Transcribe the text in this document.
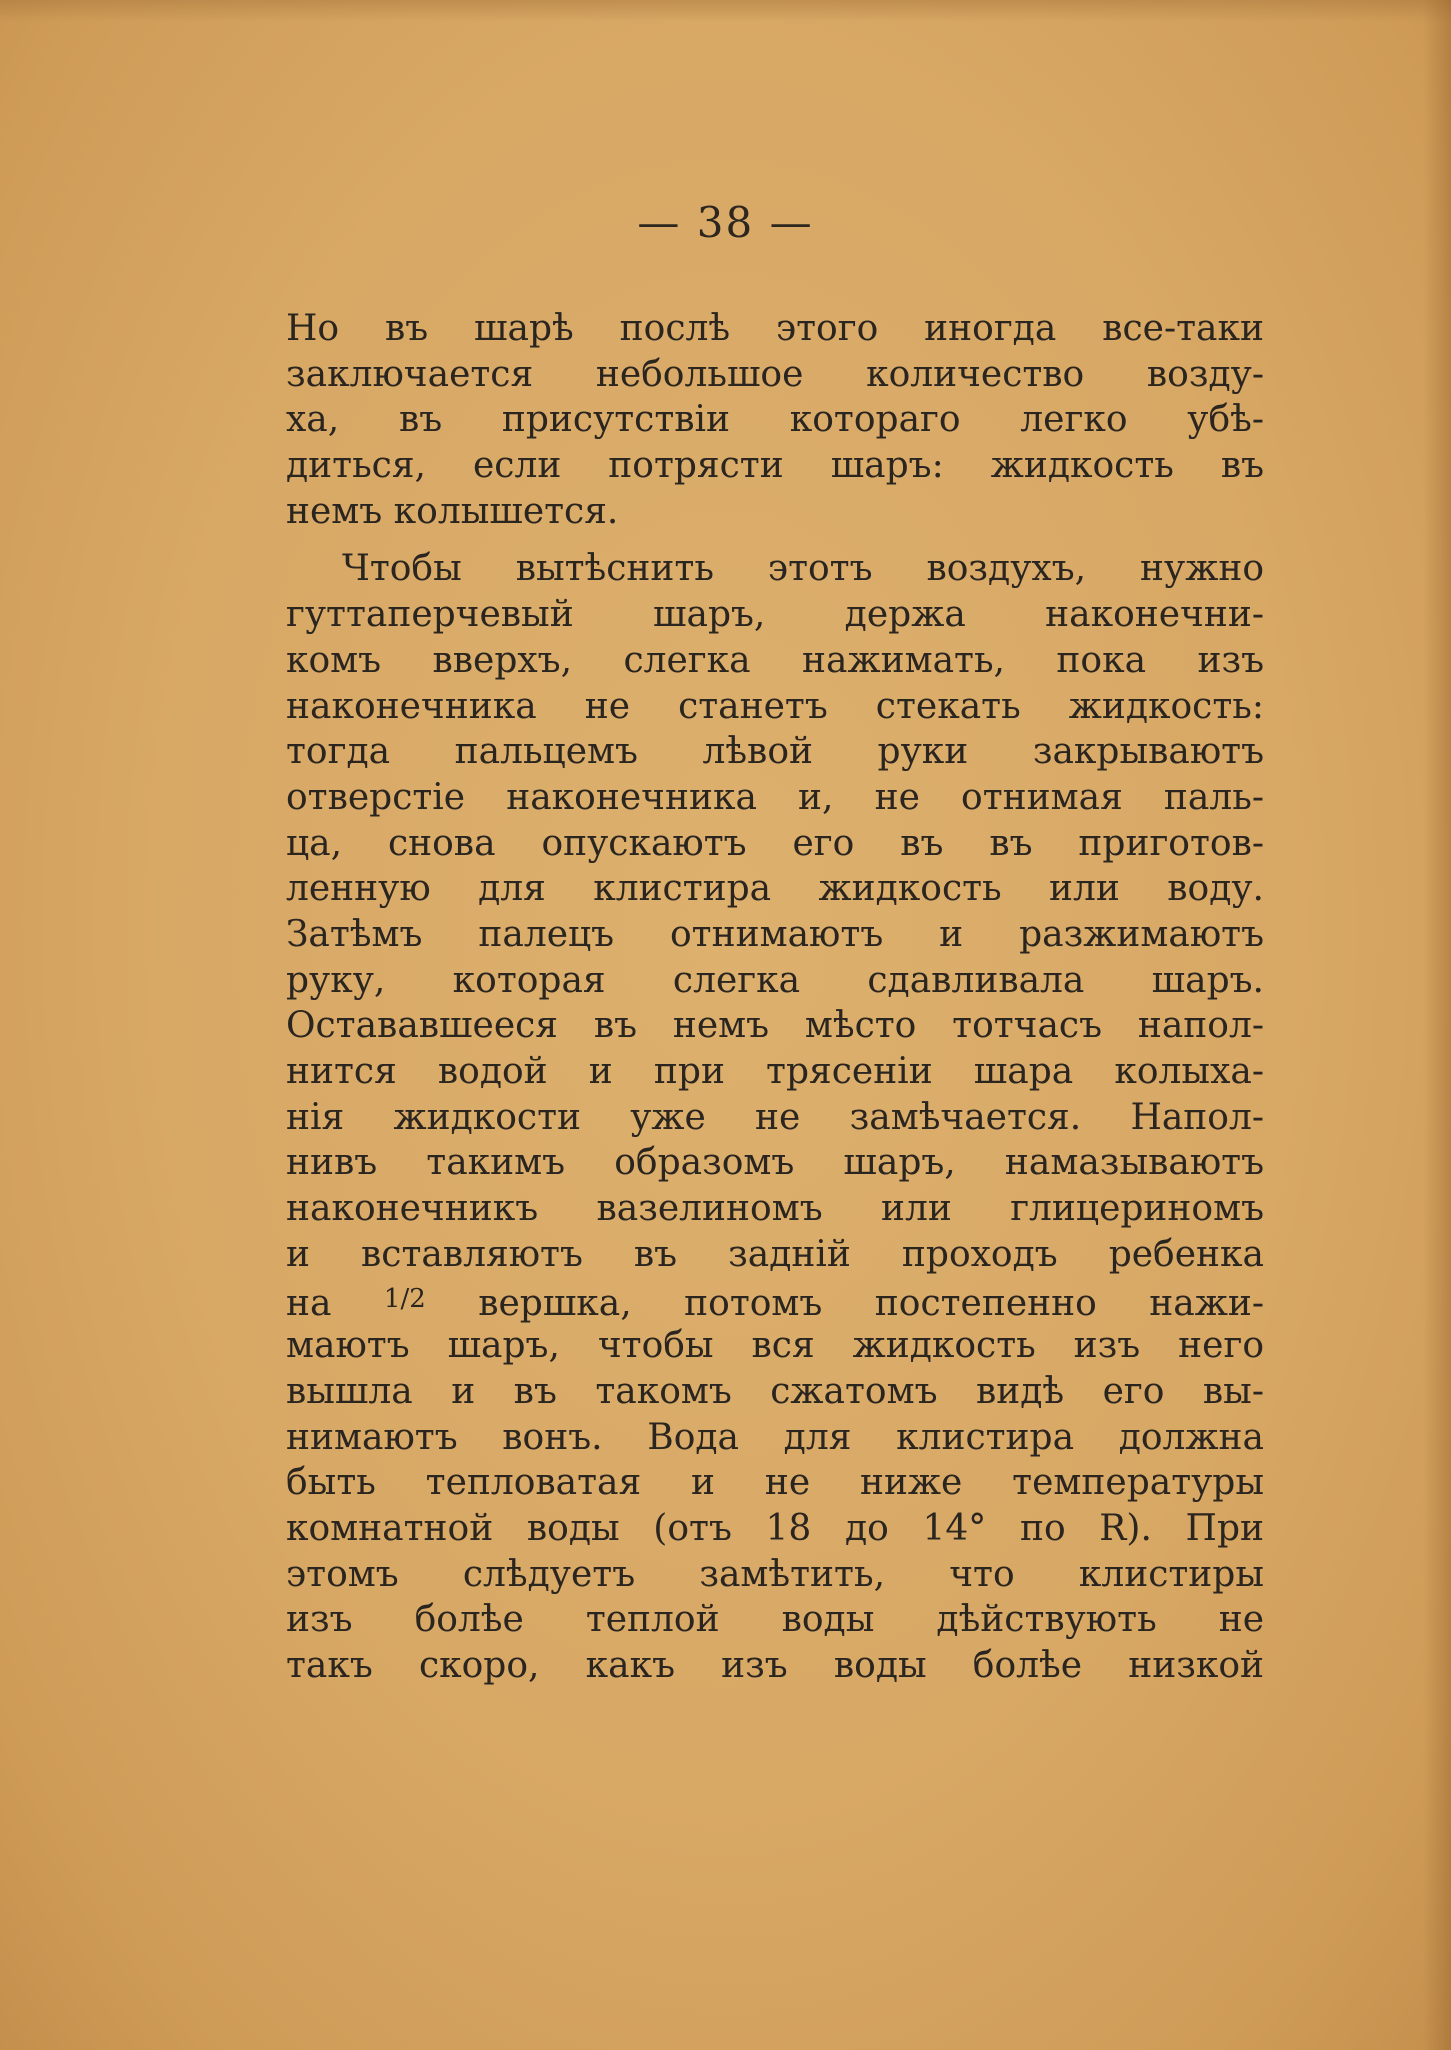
— 38 —

Но въ шарѣ послѣ этого иногда все-таки
заключается небольшое количество возду-
ха, въ присутствіи котораго легко убѣ-
диться, если потрясти шаръ: жидкость въ
немъ колышется.
Чтобы вытѣснить этотъ воздухъ, нужно
гуттаперчевый шаръ, держа наконечни-
комъ вверхъ, слегка нажимать, пока изъ
наконечника не станетъ стекать жидкость:
тогда пальцемъ лѣвой руки закрываютъ
отверстіе наконечника и, не отнимая паль-
ца, снова опускаютъ его въ въ приготов-
ленную для клистира жидкость или воду.
Затѣмъ палецъ отнимаютъ и разжимаютъ
руку, которая слегка сдавливала шаръ.
Остававшееся въ немъ мѣсто тотчасъ напол-
нится водой и при трясеніи шара колыха-
нія жидкости уже не замѣчается. Напол-
нивъ такимъ образомъ шаръ, намазываютъ
наконечникъ вазелиномъ или глицериномъ
и вставляютъ въ заднiй проходъ ребенка
на $^{1/2}$ вершка, потомъ постепенно нажи-
маютъ шаръ, чтобы вся жидкость изъ него
вышла и въ такомъ сжатомъ видѣ его вы-
нимаютъ вонъ. Вода для клистира должна
быть тепловатая и не ниже температуры
комнатной воды (отъ 18 до 14° по R). При
этомъ слѣдуетъ замѣтить, что клистиры
изъ болѣе теплой воды дѣйствують не
такъ скоро, какъ изъ воды болѣе низкой
